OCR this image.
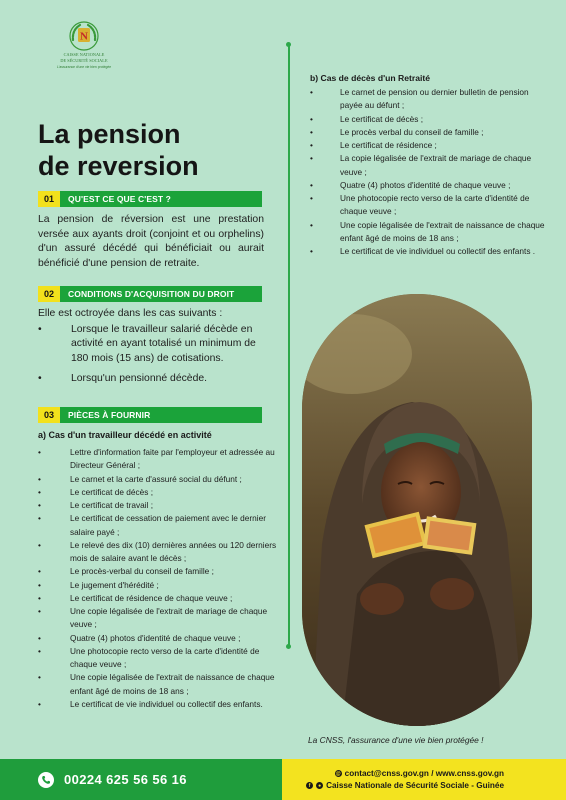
N
CAISSE NATIONALE
DE SÉCURITÉ SOCIALE
L'assurance d'une vie bien protégée
La pension
de reversion
01	QU'EST CE QUE C'EST ?
La pension de réversion est une prestation versée aux ayants droit (conjoint et ou orphelins) d'un assuré décédé qui bénéficiait ou aurait bénéficié d'une pension de retraite.
02	CONDITIONS D'ACQUISITION DU DROIT
Elle est octroyée dans les cas suivants :
•	Lorsque le travailleur salarié décède en activité en ayant totalisé un minimum de 180 mois (15 ans) de cotisations.
•	Lorsqu'un pensionné décède.
03	PIÈCES À FOURNIR
a) Cas d'un travailleur décédé en activité
•	Lettre d'information faite par l'employeur et adressée au Directeur Général ;
•	Le carnet et la carte d'assuré social du défunt ;
•	Le certificat de décès ;
•	Le certificat de travail ;
•	Le certificat de cessation de paiement avec le dernier salaire payé ;
•	Le relevé des dix (10) dernières années ou 120 derniers mois de salaire avant le décès ;
•	Le procès-verbal du conseil de famille ;
•	Le jugement d'hérédité ;
•	Le certificat de résidence de chaque veuve ;
•	Une copie légalisée de l'extrait de mariage de chaque veuve ;
•	Quatre (4) photos d'identité de chaque veuve ;
•	Une photocopie recto verso de la carte d'identité de chaque veuve ;
•	Une copie légalisée de l'extrait de naissance de chaque enfant âgé de moins de 18 ans ;
•	Le certificat de vie individuel ou collectif des enfants.
b) Cas de décès d'un Retraité
•	Le carnet de pension ou dernier bulletin de pension payée au défunt ;
•	Le certificat de décès ;
•	Le procès verbal du conseil de famille ;
•	Le certificat de résidence ;
•	La copie légalisée de l'extrait de mariage de chaque veuve ;
•	Quatre (4) photos d'identité de chaque veuve ;
•	Une photocopie recto verso de la carte d'identité de chaque veuve ;
•	Une copie légalisée de l'extrait de naissance de chaque enfant âgé de moins de 18 ans ;
•	Le certificat de vie individuel ou collectif des enfants .
La CNSS, l'assurance d'une vie bien protégée !
00224 625 56 56 16	@ contact@cnss.gov.gn / www.cnss.gov.gn
f	● Caisse Nationale de Sécurité Sociale - Guinée
